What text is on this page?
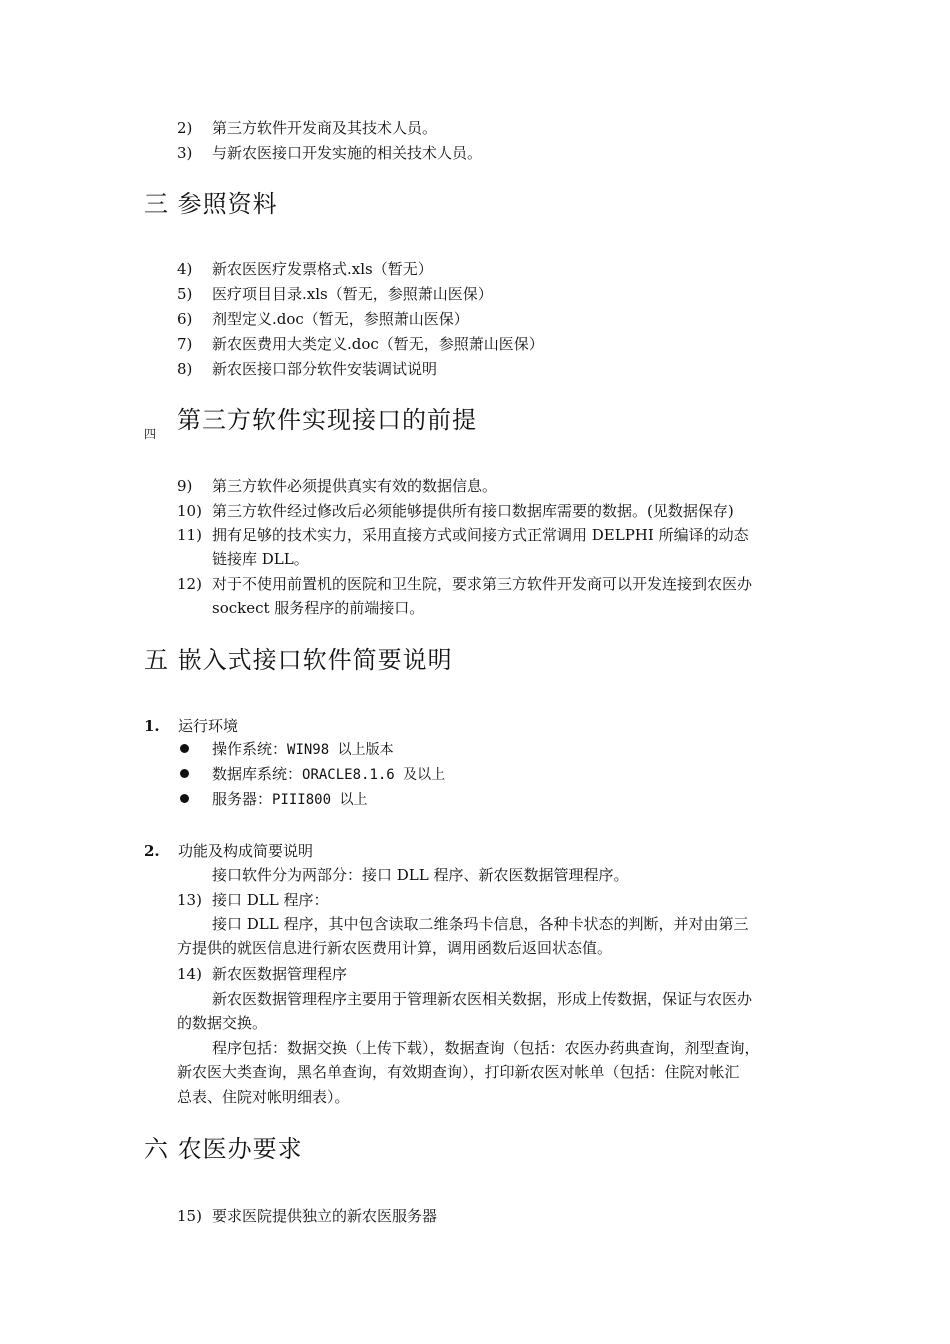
2) 第三方软件开发商及其技术人员。
3) 与新农医接口开发实施的相关技术人员。
三 参照资料
4) 新农医医疗发票格式.xls（暂无）
5) 医疗项目目录.xls（暂无，参照萧山医保）
6) 剂型定义.doc（暂无，参照萧山医保）
7) 新农医费用大类定义.doc（暂无，参照萧山医保）
8) 新农医接口部分软件安装调试说明
四 第三方软件实现接口的前提
9) 第三方软件必须提供真实有效的数据信息。
10) 第三方软件经过修改后必须能够提供所有接口数据库需要的数据。(见数据保存)
11) 拥有足够的技术实力，采用直接方式或间接方式正常调用 DELPHI 所编译的动态
链接库 DLL。
12) 对于不使用前置机的医院和卫生院，要求第三方软件开发商可以开发连接到农医办
sockect 服务程序的前端接口。
五 嵌入式接口软件简要说明
1. 运行环境
操作系统：WIN98 以上版本
数据库系统：ORACLE8.1.6 及以上
服务器：PIII800 以上
2. 功能及构成简要说明
接口软件分为两部分：接口 DLL 程序、新农医数据管理程序。
13) 接口 DLL 程序：
接口 DLL 程序，其中包含读取二维条玛卡信息，各种卡状态的判断，并对由第三
方提供的就医信息进行新农医费用计算，调用函数后返回状态值。
14) 新农医数据管理程序
新农医数据管理程序主要用于管理新农医相关数据，形成上传数据，保证与农医办
的数据交换。
程序包括：数据交换（上传下载），数据查询（包括：农医办药典查询，剂型查询，
新农医大类查询，黑名单查询，有效期查询），打印新农医对帐单（包括：住院对帐汇
总表、住院对帐明细表）。
六 农医办要求
15) 要求医院提供独立的新农医服务器
